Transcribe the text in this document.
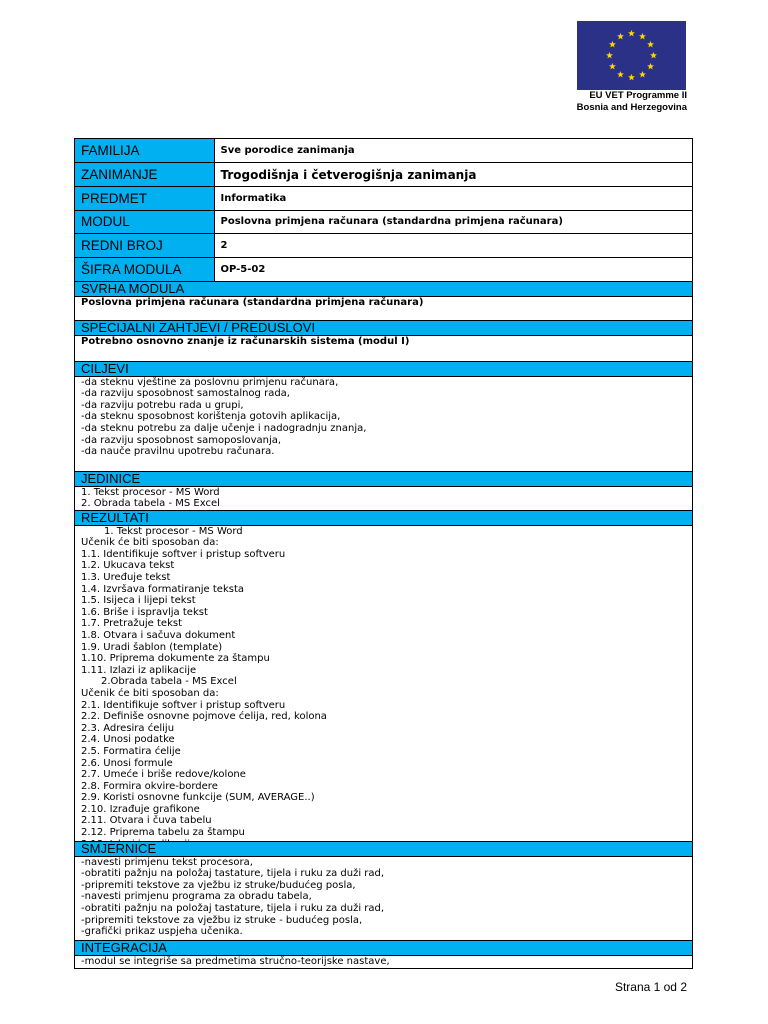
EU VET Programme II
Bosnia and Herzegovina
FAMILIJA	Sve porodice zanimanja
ZANIMANJE	Trogodišnja i četverogišnja zanimanja
PREDMET	Informatika
MODUL	Poslovna primjena računara (standardna primjena računara)
REDNI BROJ	2
ŠIFRA MODULA	OP-5-02
SVRHA MODULA
Poslovna primjena računara (standardna primjena računara)
SPECIJALNI ZAHTJEVI / PREDUSLOVI
Potrebno osnovno znanje iz računarskih sistema (modul I)
CILJEVI
-da steknu vještine za poslovnu primjenu računara,
-da razviju sposobnost samostalnog rada,
-da razviju potrebu rada u grupi,
-da steknu sposobnost korištenja gotovih aplikacija,
-da steknu potrebu za dalje učenje i nadogradnju znanja,
-da razviju sposobnost samoposlovanja,
-da nauče pravilnu upotrebu računara.
JEDINICE
1. Tekst procesor - MS Word
2. Obrada tabela - MS Excel
REZULTATI
1. Tekst procesor - MS Word
Učenik će biti sposoban da:
1.1. Identifikuje softver i pristup softveru
1.2. Ukucava tekst
1.3. Uređuje tekst
1.4. Izvršava formatiranje teksta
1.5. Isijeca i lijepi tekst
1.6. Briše i ispravlja tekst
1.7. Pretražuje tekst
1.8. Otvara i sačuva dokument
1.9. Uradi šablon (template)
1.10. Priprema dokumente za štampu
1.11. Izlazi iz aplikacije
2.Obrada tabela - MS Excel
Učenik će biti sposoban da:
2.1. Identifikuje softver i pristup softveru
2.2. Definiše osnovne pojmove ćelija, red, kolona
2.3. Adresira ćeliju
2.4. Unosi podatke
2.5. Formatira ćelije
2.6. Unosi formule
2.7. Umeće i briše redove/kolone
2.8. Formira okvire-bordere
2.9. Koristi osnovne funkcije (SUM, AVERAGE..)
2.10. Izrađuje grafikone
2.11. Otvara i čuva tabelu
2.12. Priprema tabelu za štampu
SMJERNICE
-navesti primjenu tekst procesora,
-obratiti pažnju na položaj tastature, tijela i ruku za duži rad,
-pripremiti tekstove za vježbu iz struke/budućeg posla,
-navesti primjenu programa za obradu tabela,
-obratiti pažnju na položaj tastature, tijela i ruku za duži rad,
-pripremiti tekstove za vježbu iz struke - budućeg posla,
-grafički prikaz uspjeha učenika.
INTEGRACIJA
-modul se integriše sa predmetima stručno-teorijske nastave,
Strana 1 od 2
